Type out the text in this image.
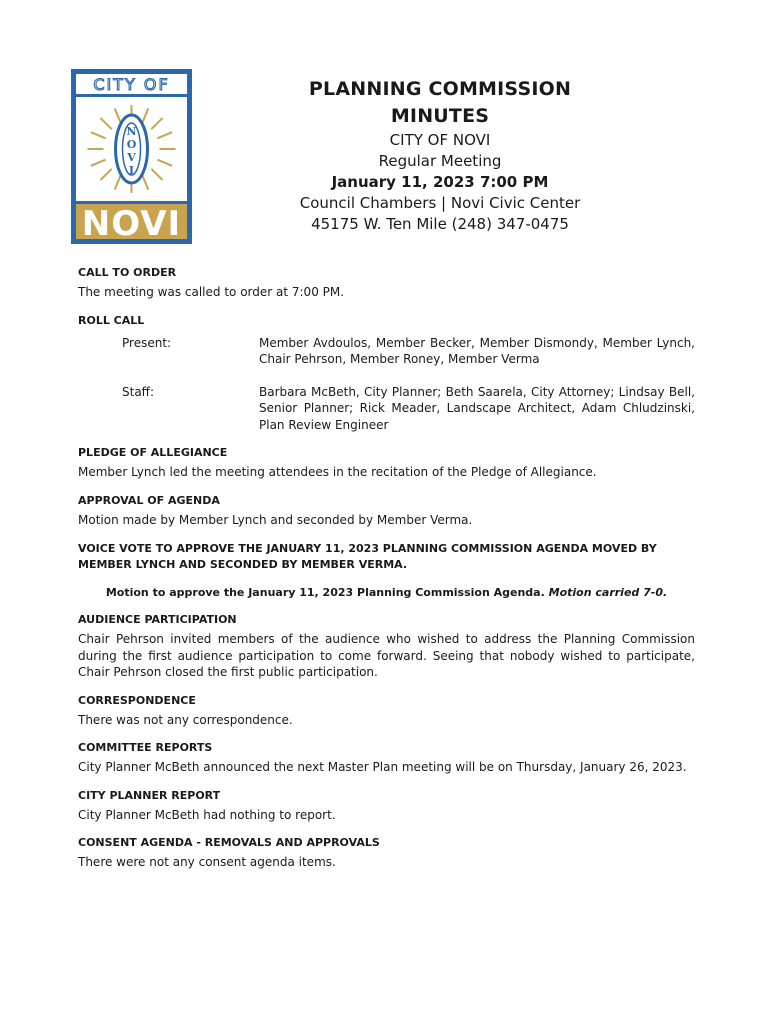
CITY OF
N
O
V
I
NOVI
PLANNING COMMISSION
MINUTES
CITY OF NOVI
Regular Meeting
January 11, 2023 7:00 PM
Council Chambers | Novi Civic Center
45175 W. Ten Mile (248) 347-0475

CALL TO ORDER

The meeting was called to order at 7:00 PM.

ROLL CALL

Present:	Member Avdoulos, Member Becker, Member Dismondy, Member Lynch, Chair Pehrson, Member Roney, Member Verma
Staff:	Barbara McBeth, City Planner; Beth Saarela, City Attorney; Lindsay Bell, Senior Planner; Rick Meader, Landscape Architect, Adam Chludzinski, Plan Review Engineer

PLEDGE OF ALLEGIANCE

Member Lynch led the meeting attendees in the recitation of the Pledge of Allegiance.

APPROVAL OF AGENDA

Motion made by Member Lynch and seconded by Member Verma.

VOICE VOTE TO APPROVE THE JANUARY 11, 2023 PLANNING COMMISSION AGENDA MOVED BY MEMBER LYNCH AND SECONDED BY MEMBER VERMA.

Motion to approve the January 11, 2023 Planning Commission Agenda. Motion carried 7-0.

AUDIENCE PARTICIPATION

Chair Pehrson invited members of the audience who wished to address the Planning Commission during the first audience participation to come forward. Seeing that nobody wished to participate, Chair Pehrson closed the first public participation.

CORRESPONDENCE

There was not any correspondence.

COMMITTEE REPORTS

City Planner McBeth announced the next Master Plan meeting will be on Thursday, January 26, 2023.

CITY PLANNER REPORT

City Planner McBeth had nothing to report.

CONSENT AGENDA - REMOVALS AND APPROVALS

There were not any consent agenda items.
